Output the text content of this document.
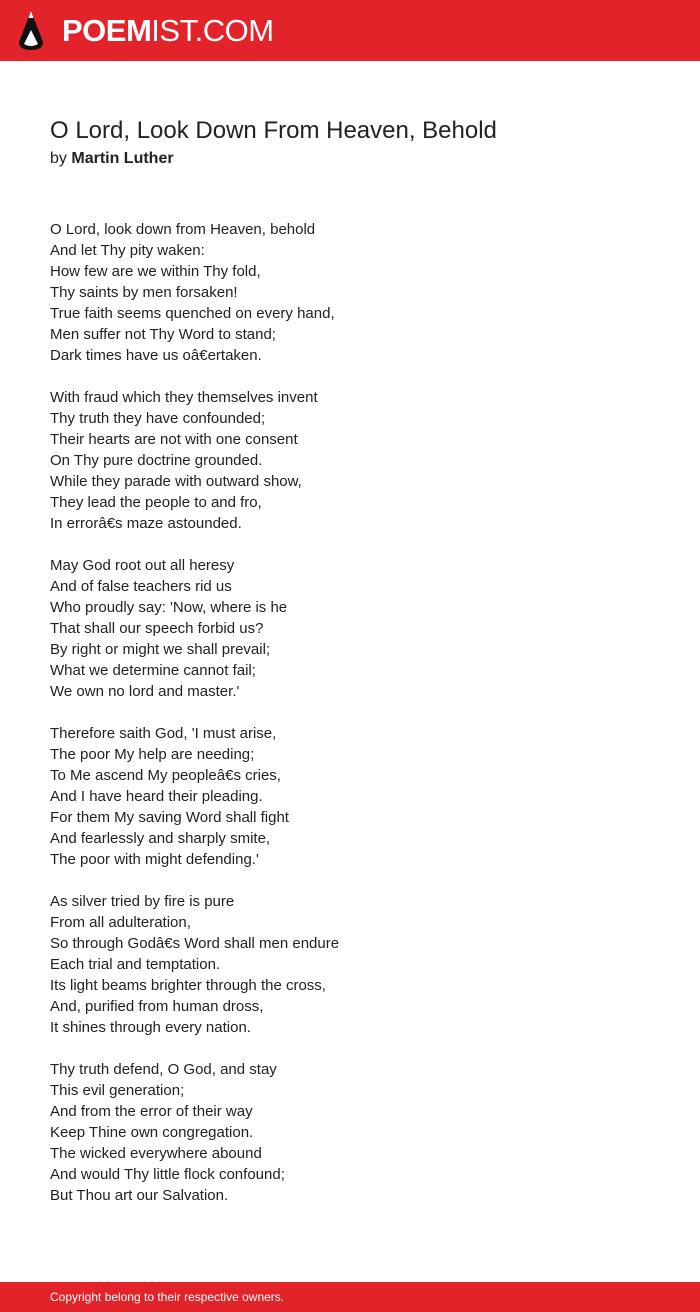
POEMIST.COM
O Lord, Look Down From Heaven, Behold
by Martin Luther
O Lord, look down from Heaven, behold
And let Thy pity waken:
How few are we within Thy fold,
Thy saints by men forsaken!
True faith seems quenched on every hand,
Men suffer not Thy Word to stand;
Dark times have us oâ€ertaken.
With fraud which they themselves invent
Thy truth they have confounded;
Their hearts are not with one consent
On Thy pure doctrine grounded.
While they parade with outward show,
They lead the people to and fro,
In errorâ€s maze astounded.
May God root out all heresy
And of false teachers rid us
Who proudly say: 'Now, where is he
That shall our speech forbid us?
By right or might we shall prevail;
What we determine cannot fail;
We own no lord and master.'
Therefore saith God, 'I must arise,
The poor My help are needing;
To Me ascend My peopleâ€s cries,
And I have heard their pleading.
For them My saving Word shall fight
And fearlessly and sharply smite,
The poor with might defending.'
As silver tried by fire is pure
From all adulteration,
So through Godâ€s Word shall men endure
Each trial and temptation.
Its light beams brighter through the cross,
And, purified from human dross,
It shines through every nation.
Thy truth defend, O God, and stay
This evil generation;
And from the error of their way
Keep Thine own congregation.
The wicked everywhere abound
And would Thy little flock confound;
But Thou art our Salvation.
Copyright belong to their respective owners.
